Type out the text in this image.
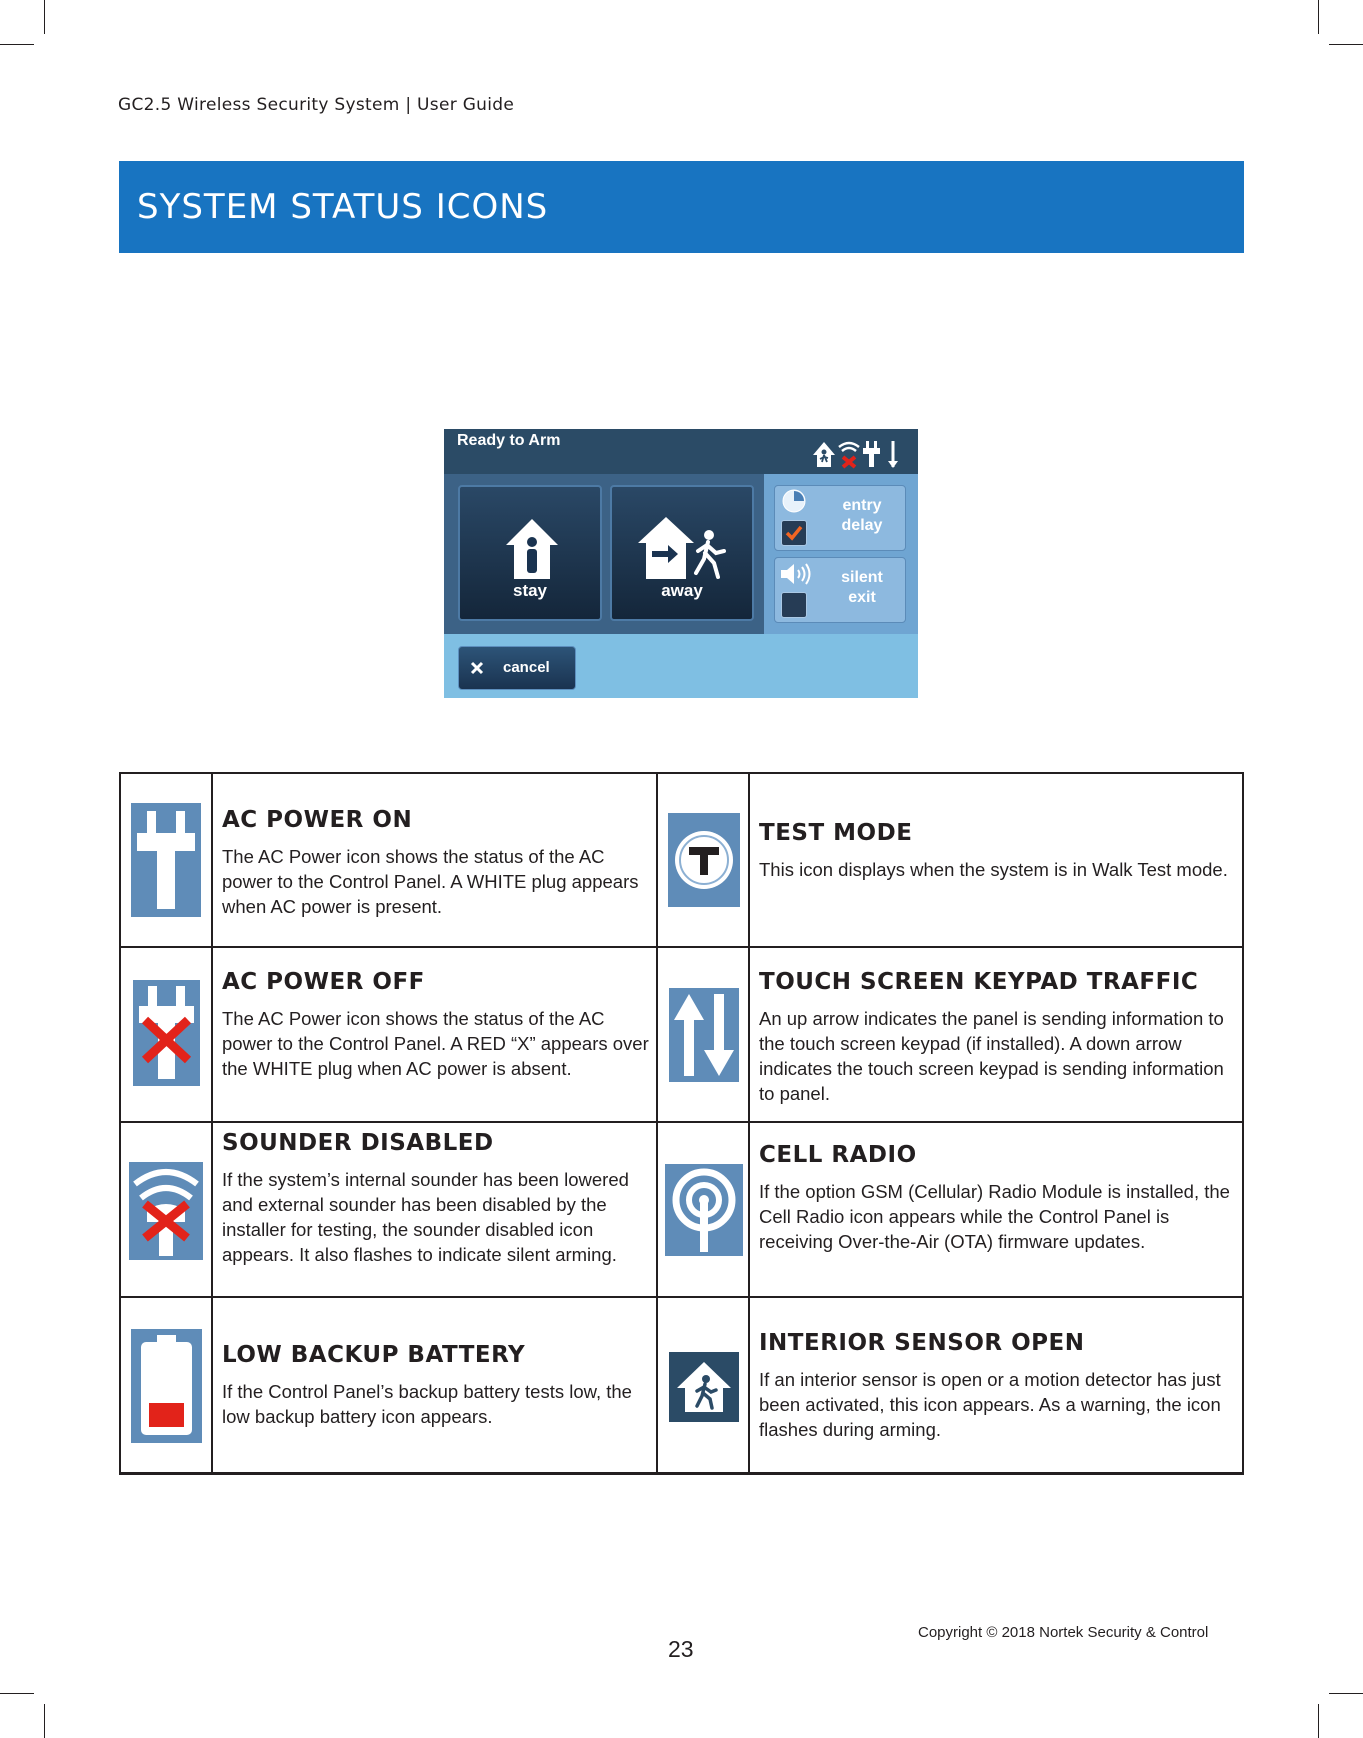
GC2.5 Wireless Security System | User Guide
SYSTEM STATUS ICONS
Ready to Arm
stay	away
entry
delay
silent
exit
cancel
AC POWER ON
The AC Power icon shows the status of the AC power to the Control Panel. A WHITE plug appears when AC power is present.
TEST MODE
This icon displays when the system is in Walk Test mode.
AC POWER OFF
The AC Power icon shows the status of the AC power to the Control Panel. A RED “X” appears over the WHITE plug when AC power is absent.
TOUCH SCREEN KEYPAD TRAFFIC
An up arrow indicates the panel is sending information to the touch screen keypad (if installed). A down arrow indicates the touch screen keypad is sending information to panel.
SOUNDER DISABLED
If the system’s internal sounder has been lowered and external sounder has been disabled by the installer for testing, the sounder disabled icon appears. It also flashes to indicate silent arming.
CELL RADIO
If the option GSM (Cellular) Radio Module is installed, the Cell Radio icon appears while the Control Panel is receiving Over-the-Air (OTA) firmware updates.
LOW BACKUP BATTERY
If the Control Panel’s backup battery tests low, the low backup battery icon appears.
INTERIOR SENSOR OPEN
If an interior sensor is open or a motion detector has just been activated, this icon appears. As a warning, the icon flashes during arming.
Copyright © 2018 Nortek Security & Control
23
